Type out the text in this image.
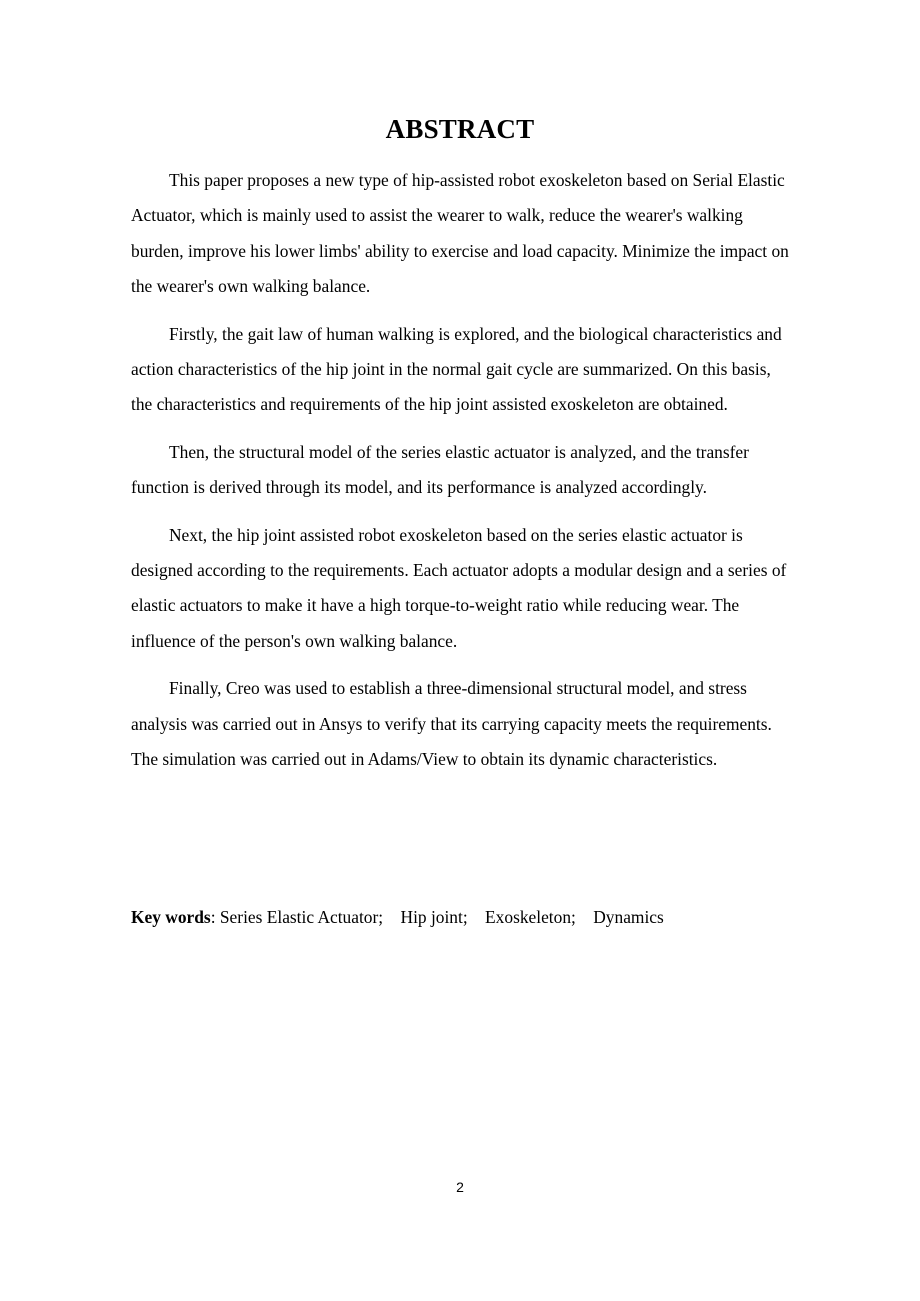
ABSTRACT

This paper proposes a new type of hip-assisted robot exoskeleton based on Serial Elastic Actuator, which is mainly used to assist the wearer to walk, reduce the wearer's walking burden, improve his lower limbs' ability to exercise and load capacity. Minimize the impact on the wearer's own walking balance.

Firstly, the gait law of human walking is explored, and the biological characteristics and action characteristics of the hip joint in the normal gait cycle are summarized. On this basis, the characteristics and requirements of the hip joint assisted exoskeleton are obtained.

Then, the structural model of the series elastic actuator is analyzed, and the transfer function is derived through its model, and its performance is analyzed accordingly.

Next, the hip joint assisted robot exoskeleton based on the series elastic actuator is designed according to the requirements. Each actuator adopts a modular design and a series of elastic actuators to make it have a high torque-to-weight ratio while reducing wear. The influence of the person's own walking balance.

Finally, Creo was used to establish a three-dimensional structural model, and stress analysis was carried out in Ansys to verify that its carrying capacity meets the requirements. The simulation was carried out in Adams/View to obtain its dynamic characteristics.

Key words: Series Elastic Actuator;    Hip joint;    Exoskeleton;    Dynamics
2
